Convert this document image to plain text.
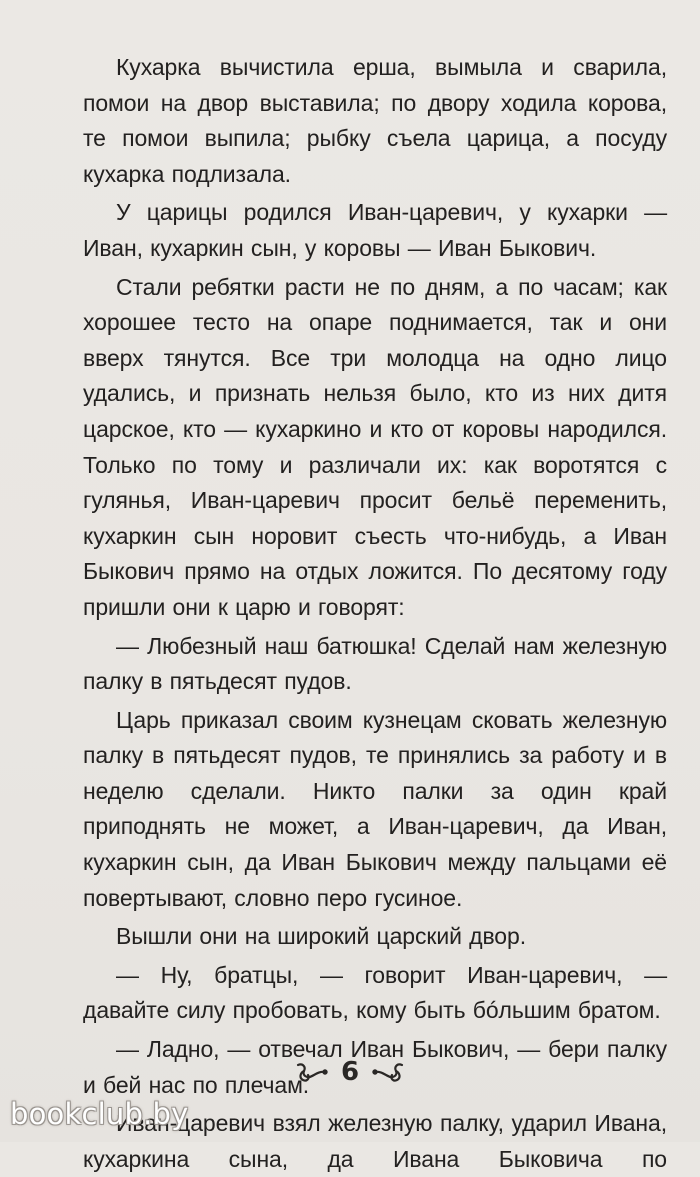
Кухарка вычистила ерша, вымыла и сварила, помои на двор выставила; по двору ходила корова, те помои выпила; рыбку съела царица, а посуду кухарка подлизала.

У царицы родился Иван-царевич, у кухарки — Иван, кухаркин сын, у коровы — Иван Быкович.

Стали ребятки расти не по дням, а по часам; как хорошее тесто на опаре поднимается, так и они вверх тянутся. Все три молодца на одно лицо удались, и признать нельзя было, кто из них дитя царское, кто — кухаркино и кто от коровы народился. Только по тому и различали их: как воротятся с гулянья, Иван-царевич просит бельё переменить, кухаркин сын норовит съесть что-нибудь, а Иван Быкович прямо на отдых ложится. По десятому году пришли они к царю и говорят:

— Любезный наш батюшка! Сделай нам железную палку в пятьдесят пудов.

Царь приказал своим кузнецам сковать железную палку в пятьдесят пудов, те принялись за работу и в неделю сделали. Никто палки за один край приподнять не может, а Иван-царевич, да Иван, кухаркин сын, да Иван Быкович между пальцами её повертывают, словно перо гусиное.

Вышли они на широкий царский двор.

— Ну, братцы, — говорит Иван-царевич, — давайте силу пробовать, кому быть бóльшим братом.

— Ладно, — отвечал Иван Быкович, — бери палку и бей нас по плечам.

Иван-царевич взял железную палку, ударил Ивана, кухаркина сына, да Ивана Быковича по

6
bookclub.by
